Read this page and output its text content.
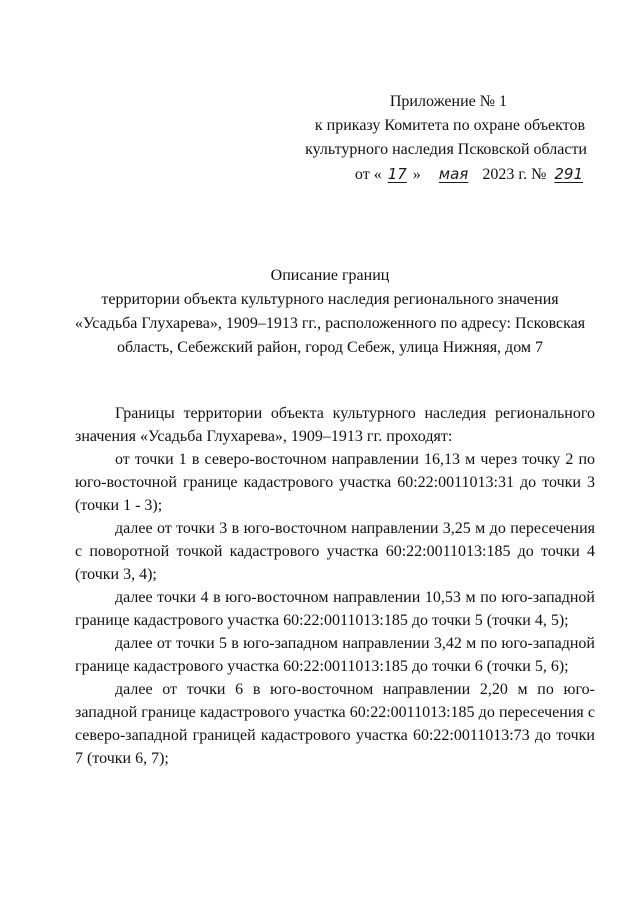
Приложение № 1
к приказу Комитета по охране объектов
культурного наследия Псковской области
от « 17 » мая 2023 г. № 291
Описание границ
территории объекта культурного наследия регионального значения
«Усадьба Глухарева», 1909–1913 гг., расположенного по адресу: Псковская
область, Себежский район, город Себеж, улица Нижняя, дом 7

Границы территории объекта культурного наследия регионального значения «Усадьба Глухарева», 1909–1913 гг. проходят:

от точки 1 в северо-восточном направлении 16,13 м через точку 2 по юго-восточной границе кадастрового участка 60:22:0011013:31 до точки 3 (точки 1 - 3);

далее от точки 3 в юго-восточном направлении 3,25 м до пересечения с поворотной точкой кадастрового участка 60:22:0011013:185 до точки 4 (точки 3, 4);

далее точки 4 в юго-восточном направлении 10,53 м по юго-западной границе кадастрового участка 60:22:0011013:185 до точки 5 (точки 4, 5);

далее от точки 5 в юго-западном направлении 3,42 м по юго-западной границе кадастрового участка 60:22:0011013:185 до точки 6 (точки 5, 6);

далее от точки 6 в юго-восточном направлении 2,20 м по юго-западной границе кадастрового участка 60:22:0011013:185 до пересечения с северо-западной границей кадастрового участка 60:22:0011013:73 до точки 7 (точки 6, 7);
